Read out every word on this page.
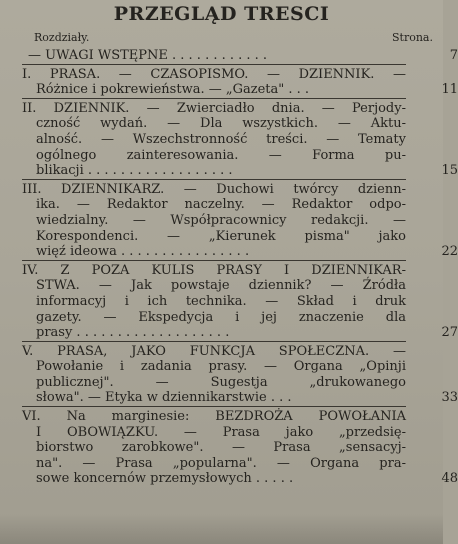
PRZEGLĄD TRESCI
Rozdziały.	Strona.
— UWAGI WSTĘPNE . . . . . . . . . . . .	7
I. PRASA. — CZASOPISMO. — DZIENNIK. —
Różnice i pokrewieństwa. — „Gazeta" . . .	11
II. DZIENNIK. — Zwierciadło dnia. — Perjody-
czność wydań. — Dla wszystkich. — Aktu-
alność. — Wszechstronność treści. — Tematy
ogólnego zainteresowania. — Forma pu-
blikacji . . . . . . . . . . . . . . . . . .	15
III. DZIENNIKARZ. — Duchowi twórcy dzienn-
ika. — Redaktor naczelny. — Redaktor odpo-
wiedzialny. — Współpracownicy redakcji. —
Korespondenci. — „Kierunek pisma" jako
więź ideowa . . . . . . . . . . . . . . . .	22
IV. Z POZA KULIS PRASY I DZIENNIKAR-
STWA. — Jak powstaje dziennik? — Źródła
informacyj i ich technika. — Skład i druk
gazety. — Ekspedycja i jej znaczenie dla
prasy . . . . . . . . . . . . . . . . . . .	27
V. PRASA, JAKO FUNKCJA SPOŁECZNA. —
Powołanie i zadania prasy. — Organa „Opinji
publicznej". — Sugestja „drukowanego
słowa". — Etyka w dziennikarstwie . . .	33
VI. Na marginesie: BEZDROŻA POWOŁANIA
I OBOWIĄZKU. — Prasa jako „przedsię-
biorstwo zarobkowe". — Prasa „sensacyj-
na". — Prasa „popularna". — Organa pra-
sowe koncernów przemysłowych . . . . .	48
